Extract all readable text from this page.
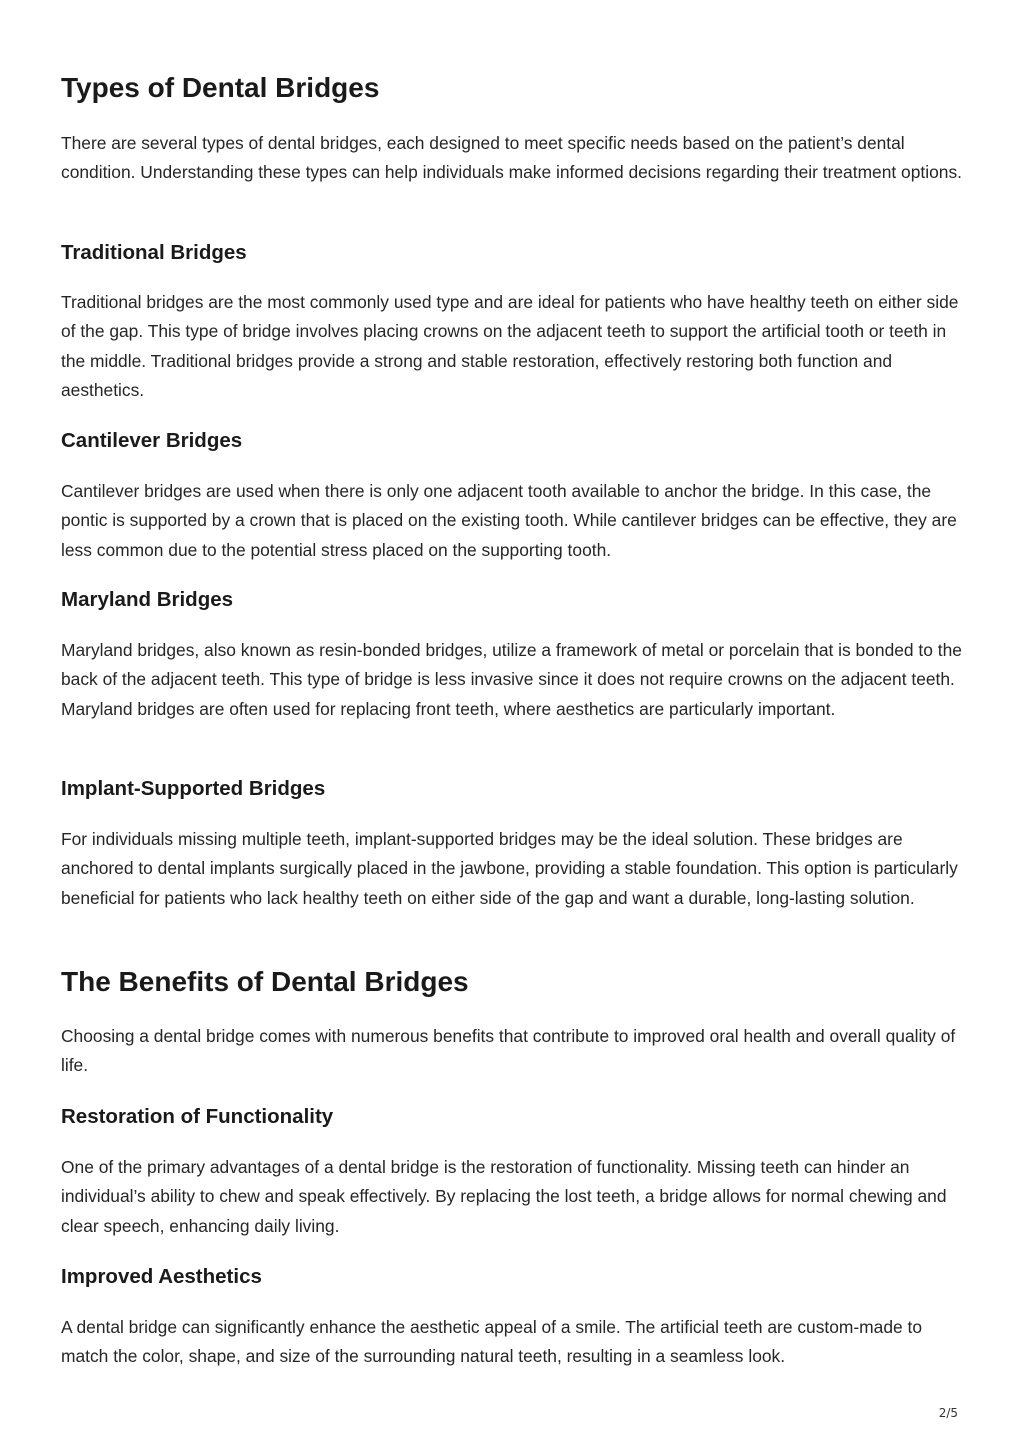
Types of Dental Bridges

There are several types of dental bridges, each designed to meet specific needs based on the patient’s dental condition. Understanding these types can help individuals make informed decisions regarding their treatment options.

Traditional Bridges

Traditional bridges are the most commonly used type and are ideal for patients who have healthy teeth on either side of the gap. This type of bridge involves placing crowns on the adjacent teeth to support the artificial tooth or teeth in the middle. Traditional bridges provide a strong and stable restoration, effectively restoring both function and aesthetics.

Cantilever Bridges

Cantilever bridges are used when there is only one adjacent tooth available to anchor the bridge. In this case, the pontic is supported by a crown that is placed on the existing tooth. While cantilever bridges can be effective, they are less common due to the potential stress placed on the supporting tooth.

Maryland Bridges

Maryland bridges, also known as resin-bonded bridges, utilize a framework of metal or porcelain that is bonded to the back of the adjacent teeth. This type of bridge is less invasive since it does not require crowns on the adjacent teeth. Maryland bridges are often used for replacing front teeth, where aesthetics are particularly important.

Implant-Supported Bridges

For individuals missing multiple teeth, implant-supported bridges may be the ideal solution. These bridges are anchored to dental implants surgically placed in the jawbone, providing a stable foundation. This option is particularly beneficial for patients who lack healthy teeth on either side of the gap and want a durable, long-lasting solution.

The Benefits of Dental Bridges

Choosing a dental bridge comes with numerous benefits that contribute to improved oral health and overall quality of life.

Restoration of Functionality

One of the primary advantages of a dental bridge is the restoration of functionality. Missing teeth can hinder an individual’s ability to chew and speak effectively. By replacing the lost teeth, a bridge allows for normal chewing and clear speech, enhancing daily living.

Improved Aesthetics

A dental bridge can significantly enhance the aesthetic appeal of a smile. The artificial teeth are custom-made to match the color, shape, and size of the surrounding natural teeth, resulting in a seamless look.

2/5
